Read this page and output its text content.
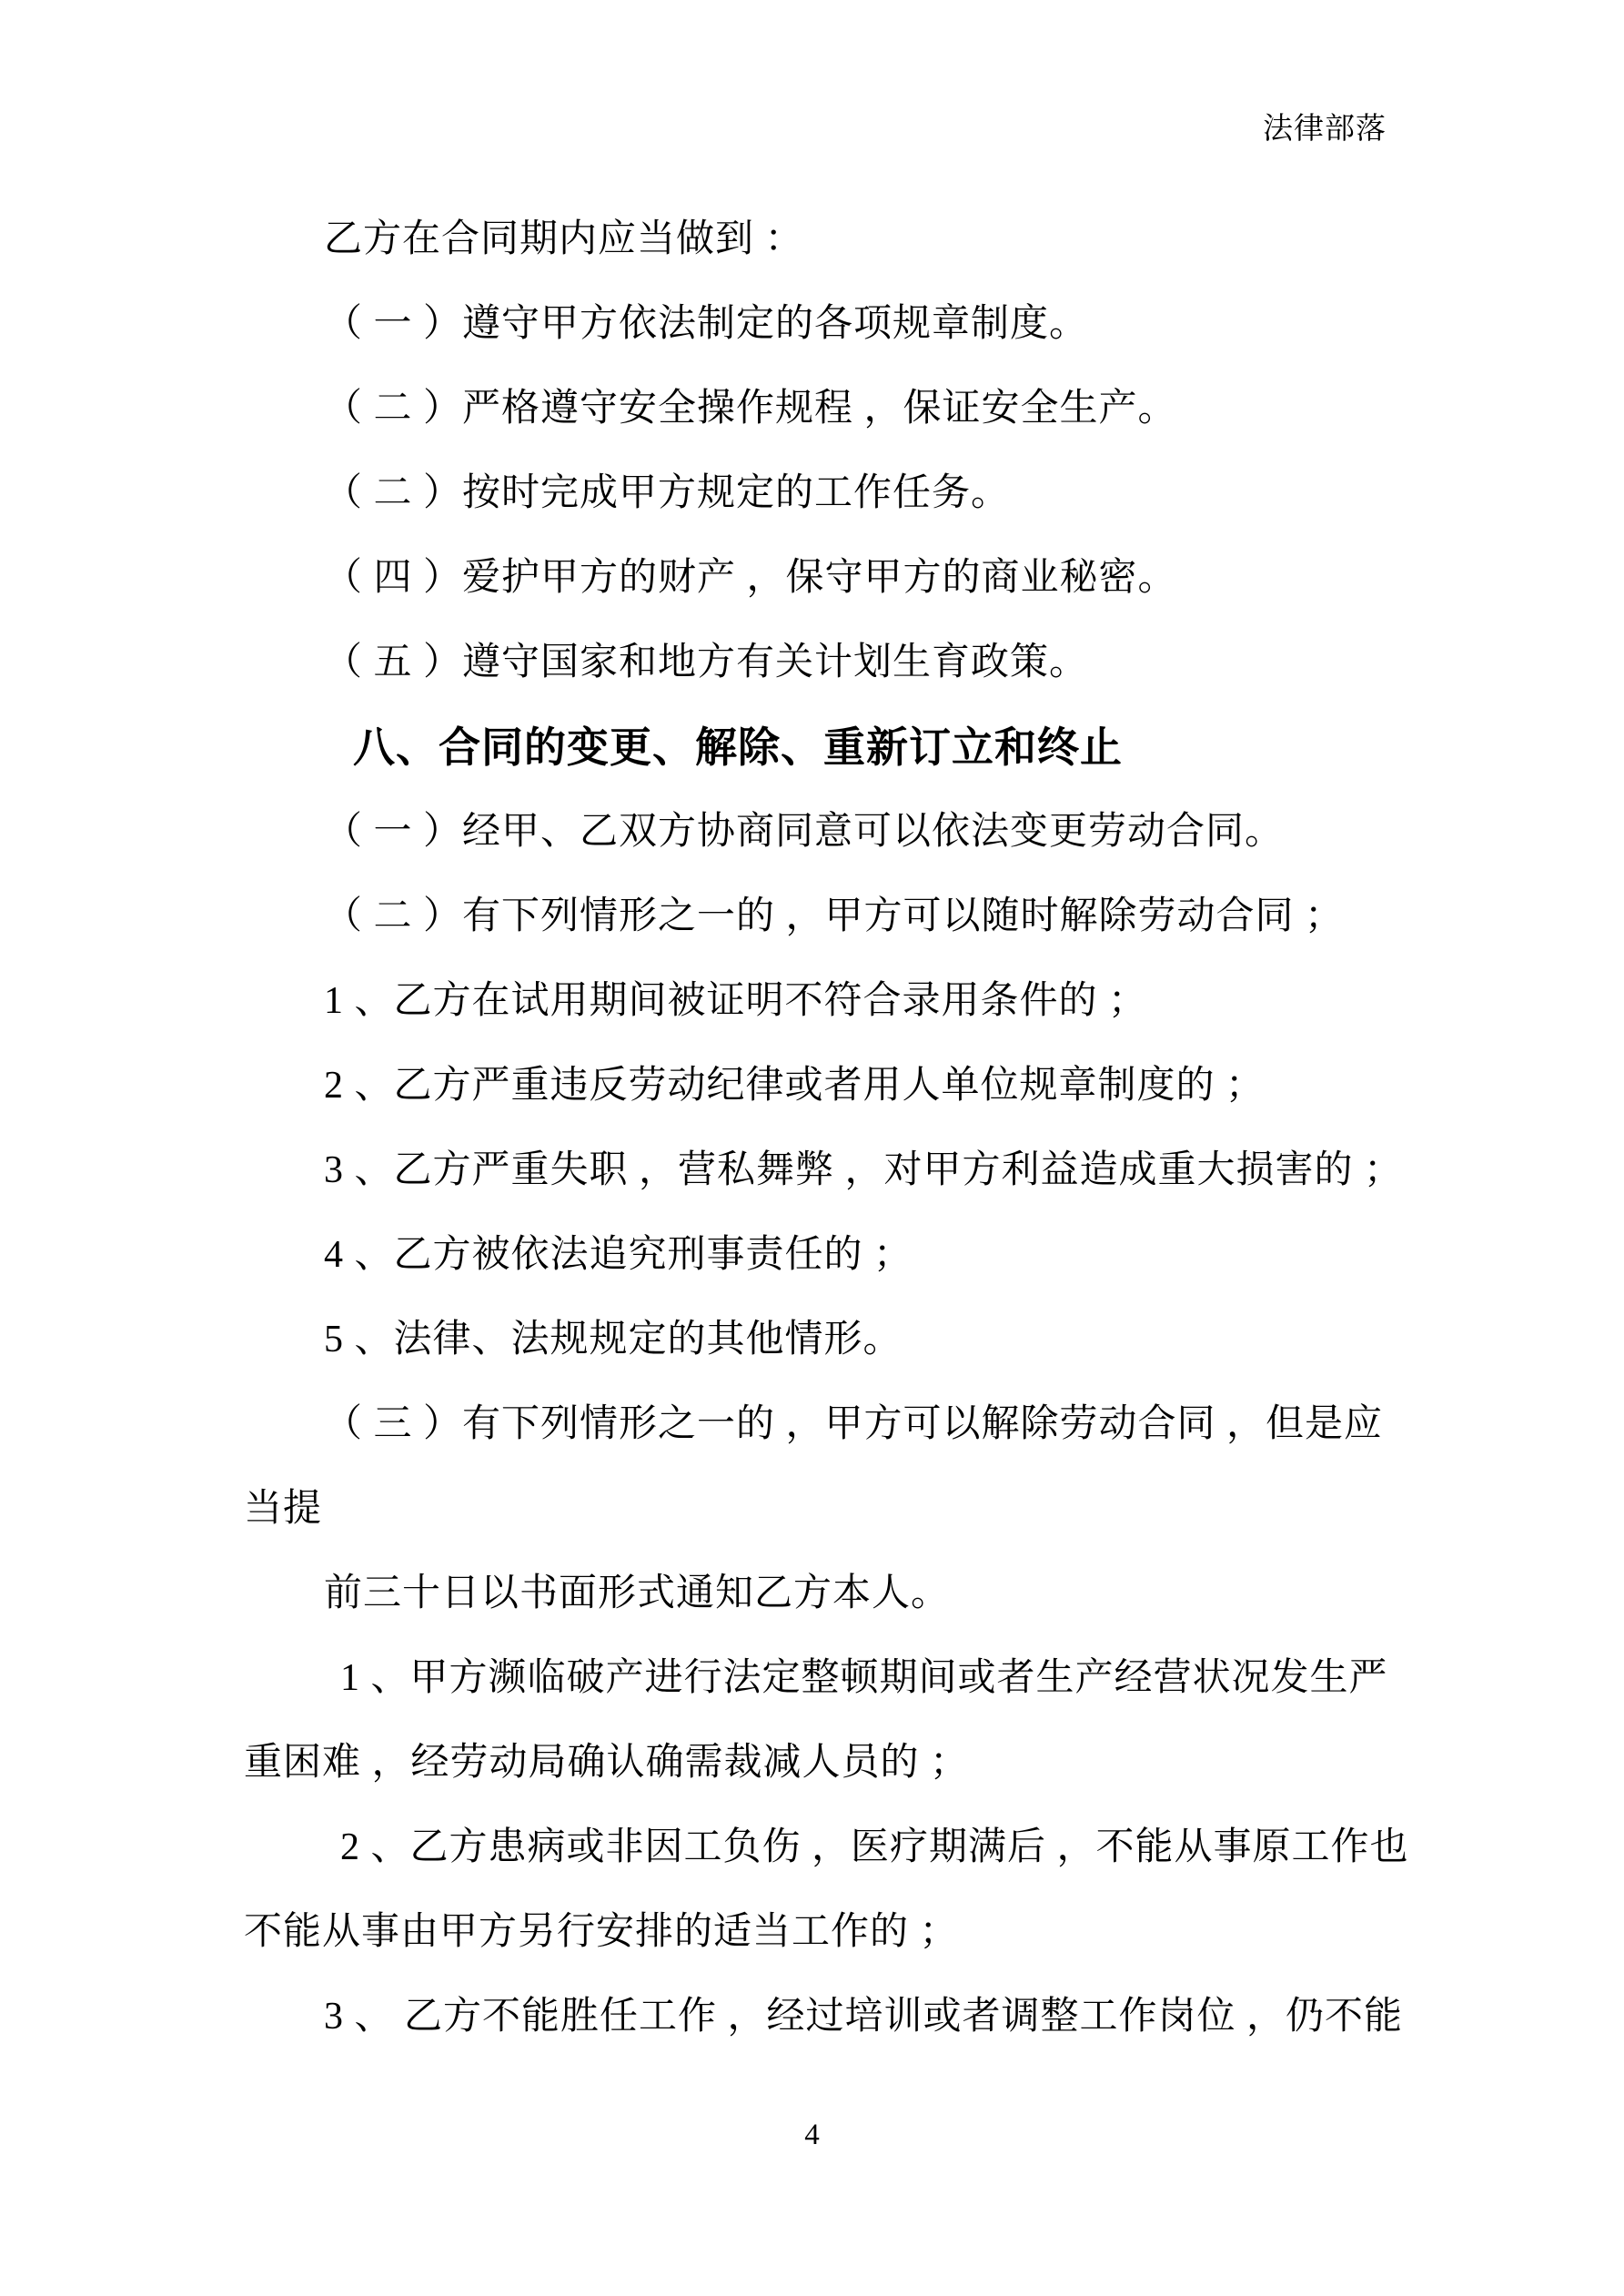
法律部落
乙方在合同期内应当做到 ：
（ 一 ）遵守甲方依法制定的各项规章制度。
（ 二 ）严格遵守安全操作规程 ，保证安全生产。
（ 二 ）按时完成甲方规定的工作任务。
（ 四 ）爱护甲方的财产 ，保守甲方的商业秘密。
（ 五 ）遵守国家和地方有关计划生育政策。
八、合同的变更、解除、重新订立和终止
（ 一 ）经甲、乙双方协商同意可以依法变更劳动合同。
（ 二 ）有下列情形之一的 ，甲方可以随时解除劳动合同 ；
1 、乙方在试用期间被证明不符合录用条件的 ；
2 、乙方严重违反劳动纪律或者用人单位规章制度的 ；
3 、乙方严重失职 ，营私舞弊 ，对甲方利益造成重大损害的 ；
4 、乙方被依法追究刑事责任的 ；
5 、法律、法规规定的其他情形。
（ 三 ）有下列情形之一的 ，甲方可以解除劳动合同 ，但是应
当提
前三十日以书面形式通知乙方本人。
1 、甲方濒临破产进行法定整顿期间或者生产经营状况发生严
重困难 ，经劳动局确认确需裁减人员的 ；
2 、乙方患病或非因工负伤 ，医疗期满后 ，不能从事原工作也
不能从事由甲方另行安排的适当工作的 ；
3 、 乙方不能胜任工作 ，经过培训或者调整工作岗位 ，仍不能
4
